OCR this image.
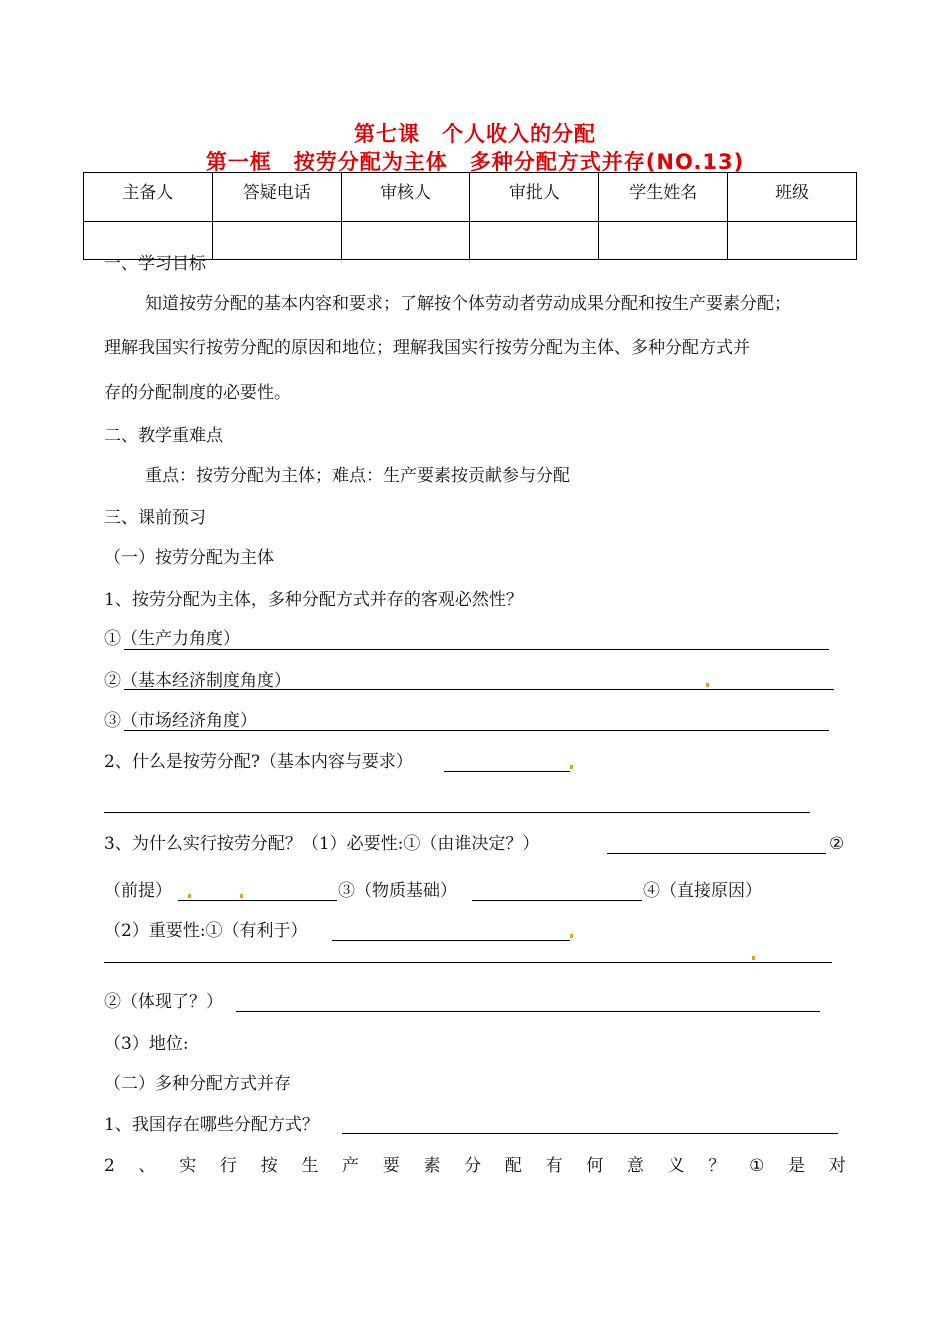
第七课　个人收入的分配
第一框　按劳分配为主体　多种分配方式并存(NO.13)
主备人	答疑电话	审核人	审批人	学生姓名	班级

一、学习目标
知道按劳分配的基本内容和要求；了解按个体劳动者劳动成果分配和按生产要素分配；
理解我国实行按劳分配的原因和地位；理解我国实行按劳分配为主体、多种分配方式并
存的分配制度的必要性。
二、教学重难点
重点：按劳分配为主体；难点：生产要素按贡献参与分配
三、课前预习
（一）按劳分配为主体
1、按劳分配为主体，多种分配方式并存的客观必然性？
①（生产力角度）
②（基本经济制度角度）
③（市场经济角度）
2、什么是按劳分配?（基本内容与要求）
3、为什么实行按劳分配？（1）必要性:①（由谁决定？）	②
（前提）	③（物质基础）	④（直接原因）
（2）重要性:①（有利于）
②（体现了？）
（3）地位:
（二）多种分配方式并存
1、我国存在哪些分配方式？
2 、 实 行 按 生 产 要 素 分 配 有 何 意 义 ？ ① 是 对
